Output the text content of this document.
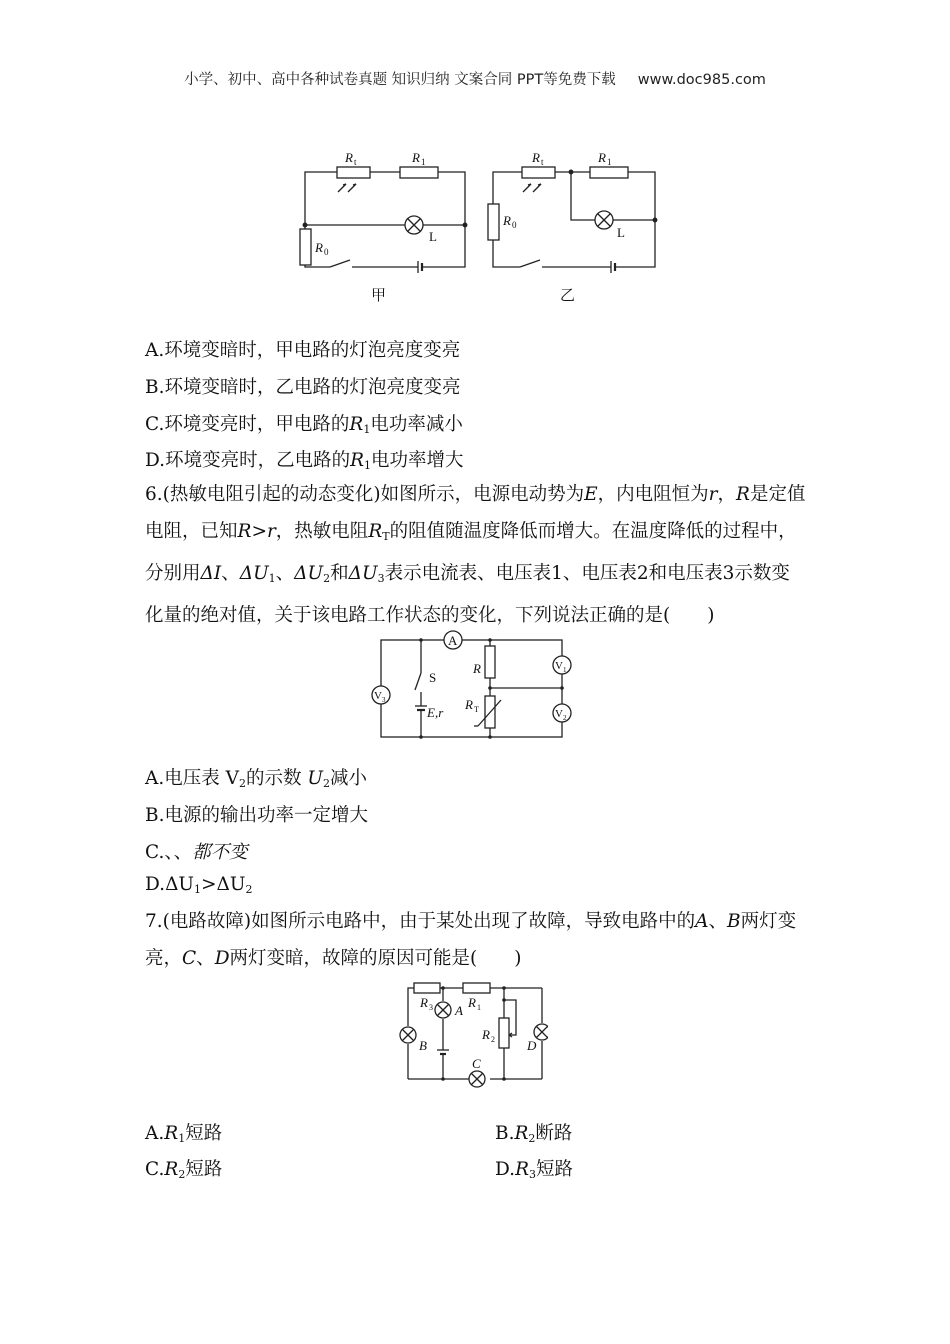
小学、初中、高中各种试卷真题 知识归纳 文案合同 PPT等免费下载 www.doc985.com
R t	R 1
R 0
L
R t	R 1
R 0	L
甲	乙
A.环境变暗时，甲电路的灯泡亮度变亮
B.环境变暗时，乙电路的灯泡亮度变亮
C.环境变亮时，甲电路的$R_1$电功率减小
D.环境变亮时，乙电路的$R_1$电功率增大
6.(热敏电阻引起的动态变化)如图所示，电源电动势为E，内电阻恒为r，R是定值电阻，已知R>r，热敏电阻$R_T$的阻值随温度降低而增大。在温度降低的过程中，分别用ΔI、$\Delta U_1$、$\Delta U_2$和$\Delta U_3$表示电流表、电压表1、电压表2和电压表3示数变化量的绝对值，关于该电路工作状态的变化，下列说法正确的是(　　 )
A
V 1
V 2
V 3
S
E,r
R
R T
A.电压表 $V_2$的示数 $U_2$减小
B.电源的输出功率一定增大
C.、、都不变
$D.\Delta U_1>\Delta U_2$
7.(电路故障)如图所示电路中，由于某处出现了故障，导致电路中的A、B两灯变亮，C、D两灯变暗，故障的原因可能是(　　 )
R 3	R 1
R 2
A
B
C
D
$A.R_1$短路	$B.R_2$断路
$C.R_2$短路	$D.R_3$短路
